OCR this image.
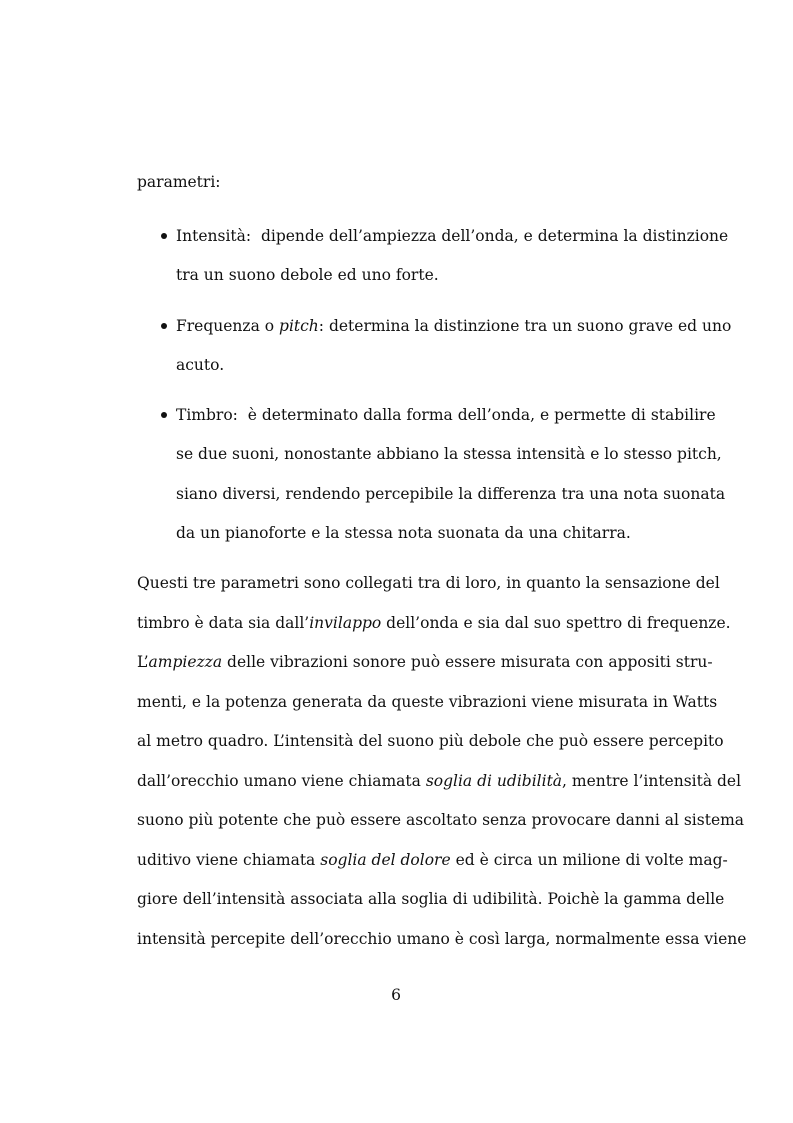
parametri:
Intensità: dipende dell’ampiezza dell’onda, e determina la distinzione
tra un suono debole ed uno forte.
Frequenza o pitch: determina la distinzione tra un suono grave ed uno
acuto.
Timbro: è determinato dalla forma dell’onda, e permette di stabilire
se due suoni, nonostante abbiano la stessa intensità e lo stesso pitch,
siano diversi, rendendo percepibile la differenza tra una nota suonata
da un pianoforte e la stessa nota suonata da una chitarra.
Questi tre parametri sono collegati tra di loro, in quanto la sensazione del
timbro è data sia dall’invilappo dell’onda e sia dal suo spettro di frequenze.
L’ampiezza delle vibrazioni sonore può essere misurata con appositi stru-
menti, e la potenza generata da queste vibrazioni viene misurata in Watts
al metro quadro. L’intensità del suono più debole che può essere percepito
dall’orecchio umano viene chiamata soglia di udibilità, mentre l’intensità del
suono più potente che può essere ascoltato senza provocare danni al sistema
uditivo viene chiamata soglia del dolore ed è circa un milione di volte mag-
giore dell’intensità associata alla soglia di udibilità. Poichè la gamma delle
intensità percepite dell’orecchio umano è così larga, normalmente essa viene
6
